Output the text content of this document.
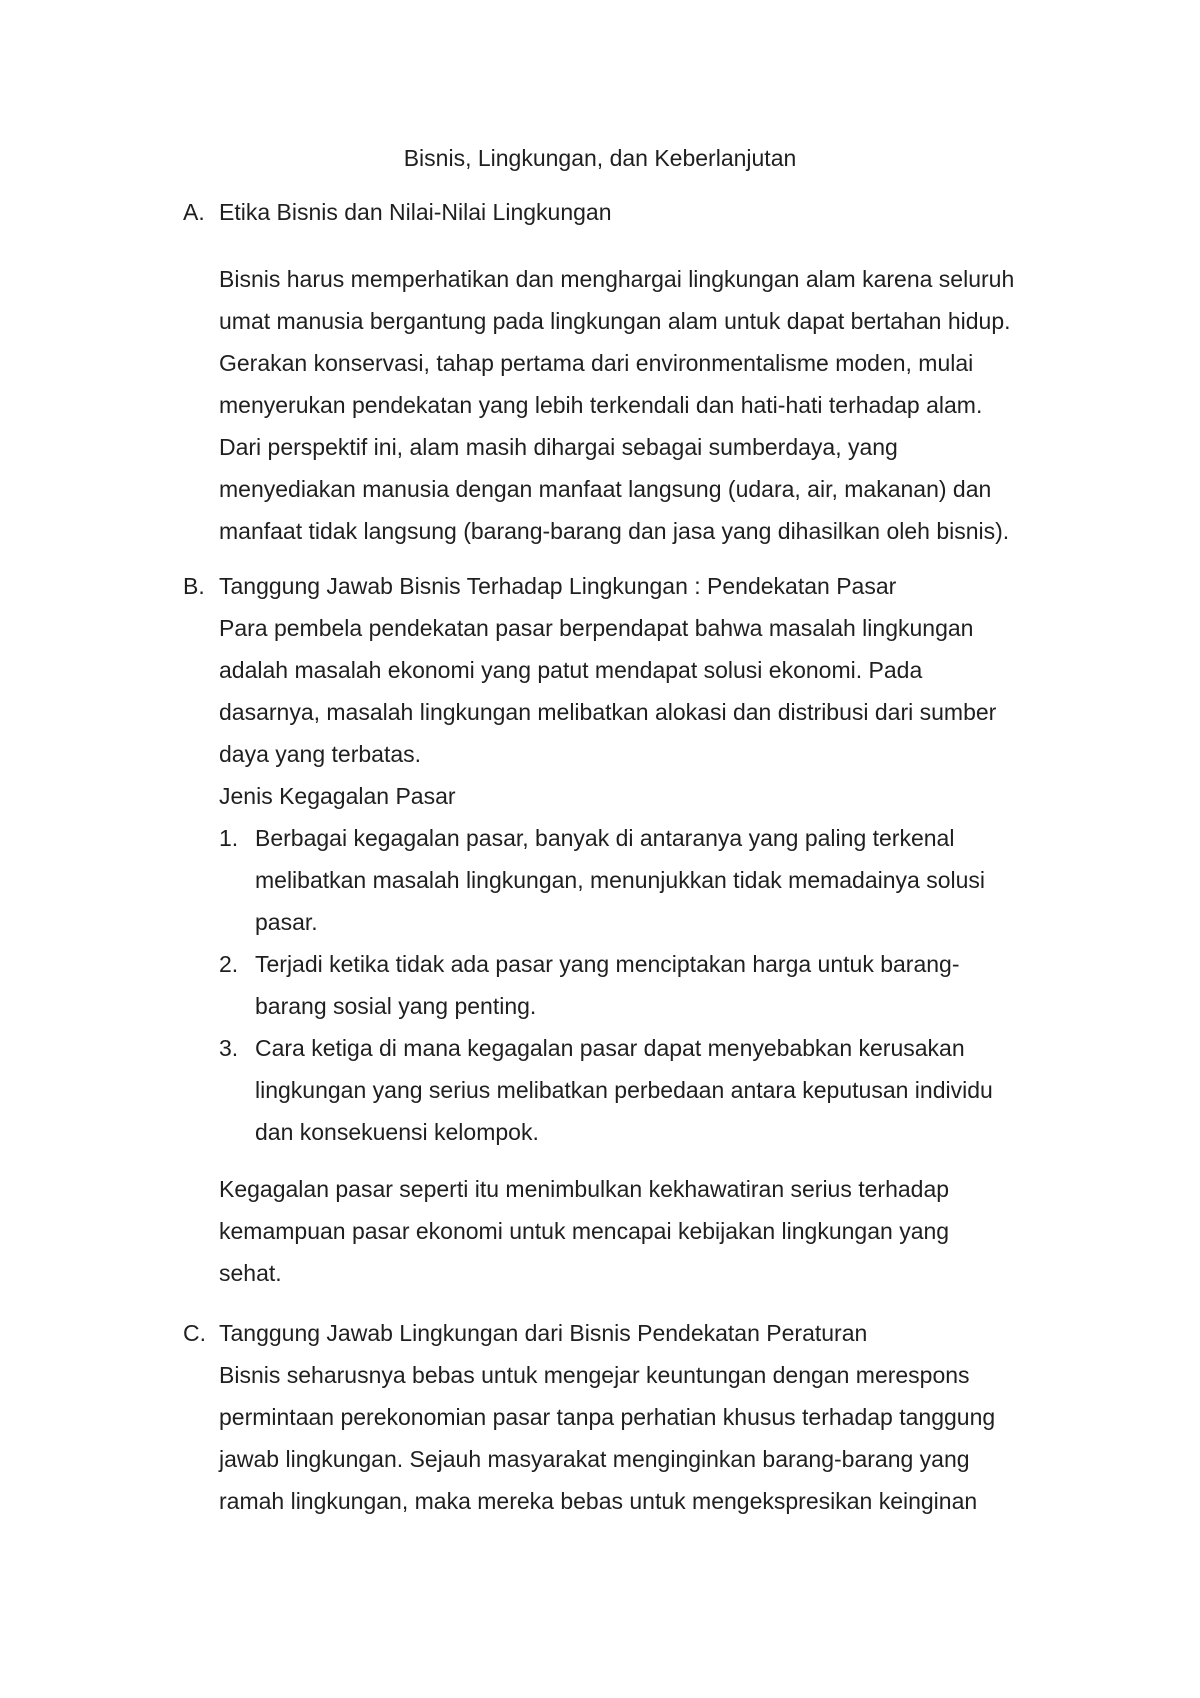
Bisnis, Lingkungan, dan Keberlanjutan
A. Etika Bisnis dan Nilai-Nilai Lingkungan
Bisnis harus memperhatikan dan menghargai lingkungan alam karena seluruh
umat manusia bergantung pada lingkungan alam untuk dapat bertahan hidup.
Gerakan konservasi, tahap pertama dari environmentalisme moden, mulai
menyerukan pendekatan yang lebih terkendali dan hati-hati terhadap alam.
Dari perspektif ini, alam masih dihargai sebagai sumberdaya, yang
menyediakan manusia dengan manfaat langsung (udara, air, makanan) dan
manfaat tidak langsung (barang-barang dan jasa yang dihasilkan oleh bisnis).
B. Tanggung Jawab Bisnis Terhadap Lingkungan : Pendekatan Pasar
Para pembela pendekatan pasar berpendapat bahwa masalah lingkungan
adalah masalah ekonomi yang patut mendapat solusi ekonomi. Pada
dasarnya, masalah lingkungan melibatkan alokasi dan distribusi dari sumber
daya yang terbatas.
Jenis Kegagalan Pasar
1. Berbagai kegagalan pasar, banyak di antaranya yang paling terkenal
melibatkan masalah lingkungan, menunjukkan tidak memadainya solusi
pasar.
2. Terjadi ketika tidak ada pasar yang menciptakan harga untuk barang-
barang sosial yang penting.
3. Cara ketiga di mana kegagalan pasar dapat menyebabkan kerusakan
lingkungan yang serius melibatkan perbedaan antara keputusan individu
dan konsekuensi kelompok.
Kegagalan pasar seperti itu menimbulkan kekhawatiran serius terhadap
kemampuan pasar ekonomi untuk mencapai kebijakan lingkungan yang
sehat.
C. Tanggung Jawab Lingkungan dari Bisnis Pendekatan Peraturan
Bisnis seharusnya bebas untuk mengejar keuntungan dengan merespons
permintaan perekonomian pasar tanpa perhatian khusus terhadap tanggung
jawab lingkungan. Sejauh masyarakat menginginkan barang-barang yang
ramah lingkungan, maka mereka bebas untuk mengekspresikan keinginan
